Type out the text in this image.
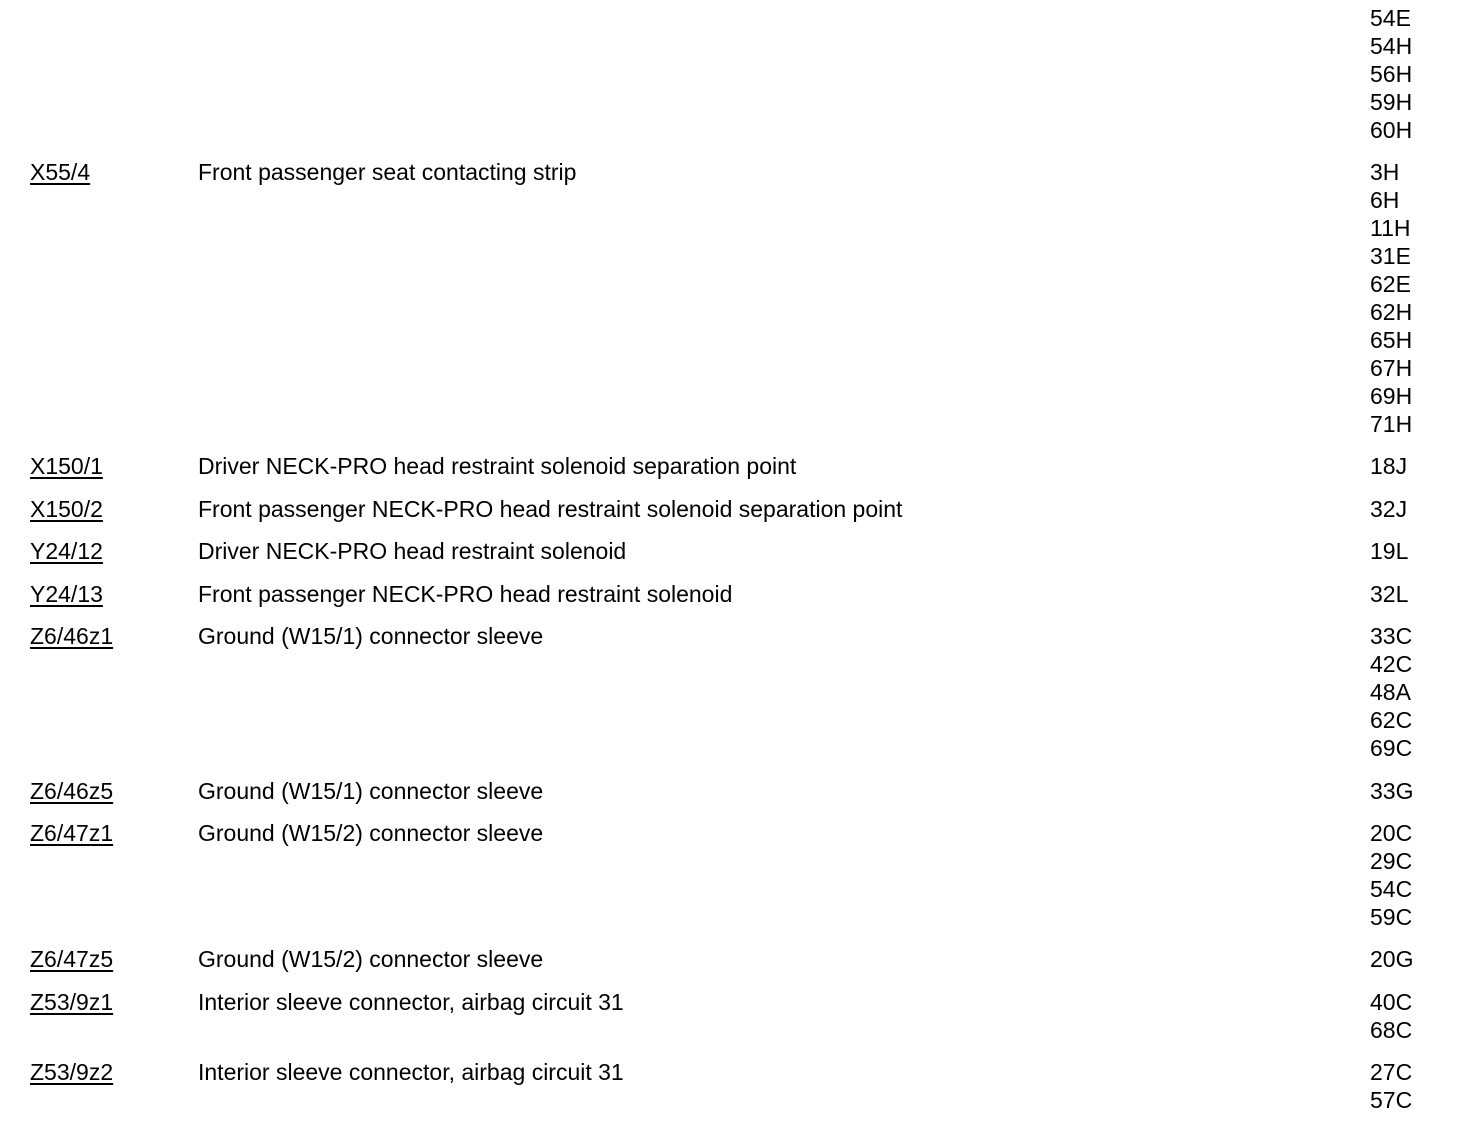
54E
54H
56H
59H
60H
X55/4	Front passenger seat contacting strip	3H
6H
11H
31E
62E
62H
65H
67H
69H
71H
X150/1	Driver NECK-PRO head restraint solenoid separation point	18J
X150/2	Front passenger NECK-PRO head restraint solenoid separation point	32J
Y24/12	Driver NECK-PRO head restraint solenoid	19L
Y24/13	Front passenger NECK-PRO head restraint solenoid	32L
Z6/46z1	Ground (W15/1) connector sleeve	33C
42C
48A
62C
69C
Z6/46z5	Ground (W15/1) connector sleeve	33G
Z6/47z1	Ground (W15/2) connector sleeve	20C
29C
54C
59C
Z6/47z5	Ground (W15/2) connector sleeve	20G
Z53/9z1	Interior sleeve connector, airbag circuit 31	40C
68C
Z53/9z2	Interior sleeve connector, airbag circuit 31	27C
57C
